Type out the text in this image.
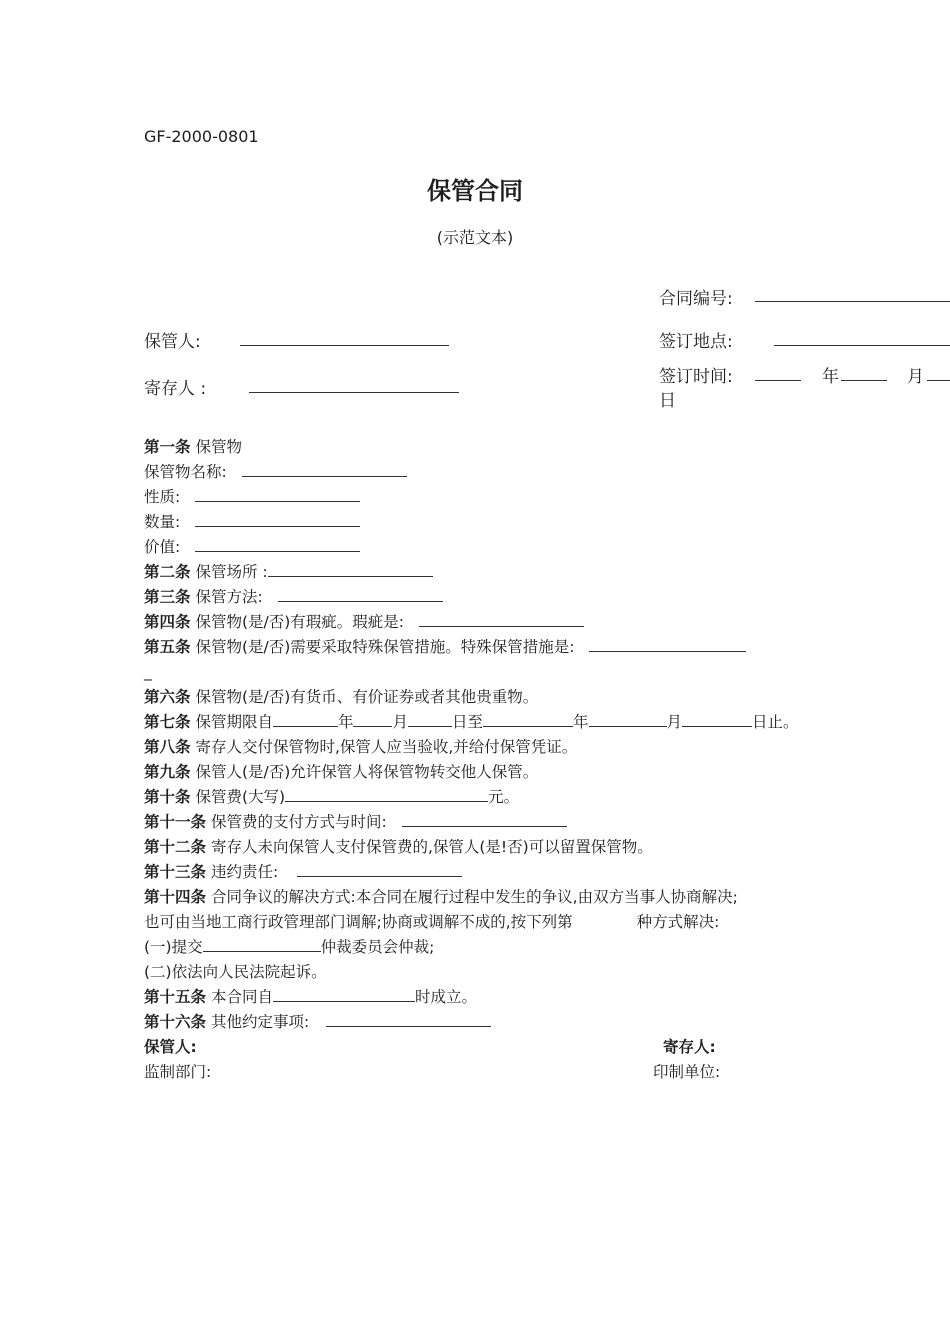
GF-2000-0801
保管合同
(示范文本)
合同编号:
保管人:	签订地点:
签订时间:	年	月
日
寄存人 :
第一条 保管物
保管物名称:
性质:
数量:
价值:
第二条 保管场所 :
第三条 保管方法:
第四条 保管物(是/否)有瑕疵。瑕疵是:
第五条 保管物(是/否)需要采取特殊保管措施。特殊保管措施是:
_
第六条 保管物(是/否)有货币、有价证券或者其他贵重物。
第七条 保管期限自	年	月	日至	年	月	日止。
第八条 寄存人交付保管物时,保管人应当验收,并给付保管凭证。
第九条 保管人(是/否)允许保管人将保管物转交他人保管。
第十条 保管费(大写)	元。
第十一条 保管费的支付方式与时间:
第十二条 寄存人未向保管人支付保管费的,保管人(是!否)可以留置保管物。
第十三条 违约责任:
第十四条 合同争议的解决方式:本合同在履行过程中发生的争议,由双方当事人协商解决;
也可由当地工商行政管理部门调解;协商或调解不成的,按下列第	种方式解决:
(一)提交	仲裁委员会仲裁;
(二)依法向人民法院起诉。
第十五条 本合同自	时成立。
第十六条 其他约定事项:
保管人:	寄存人:
监制部门:	印制单位:
